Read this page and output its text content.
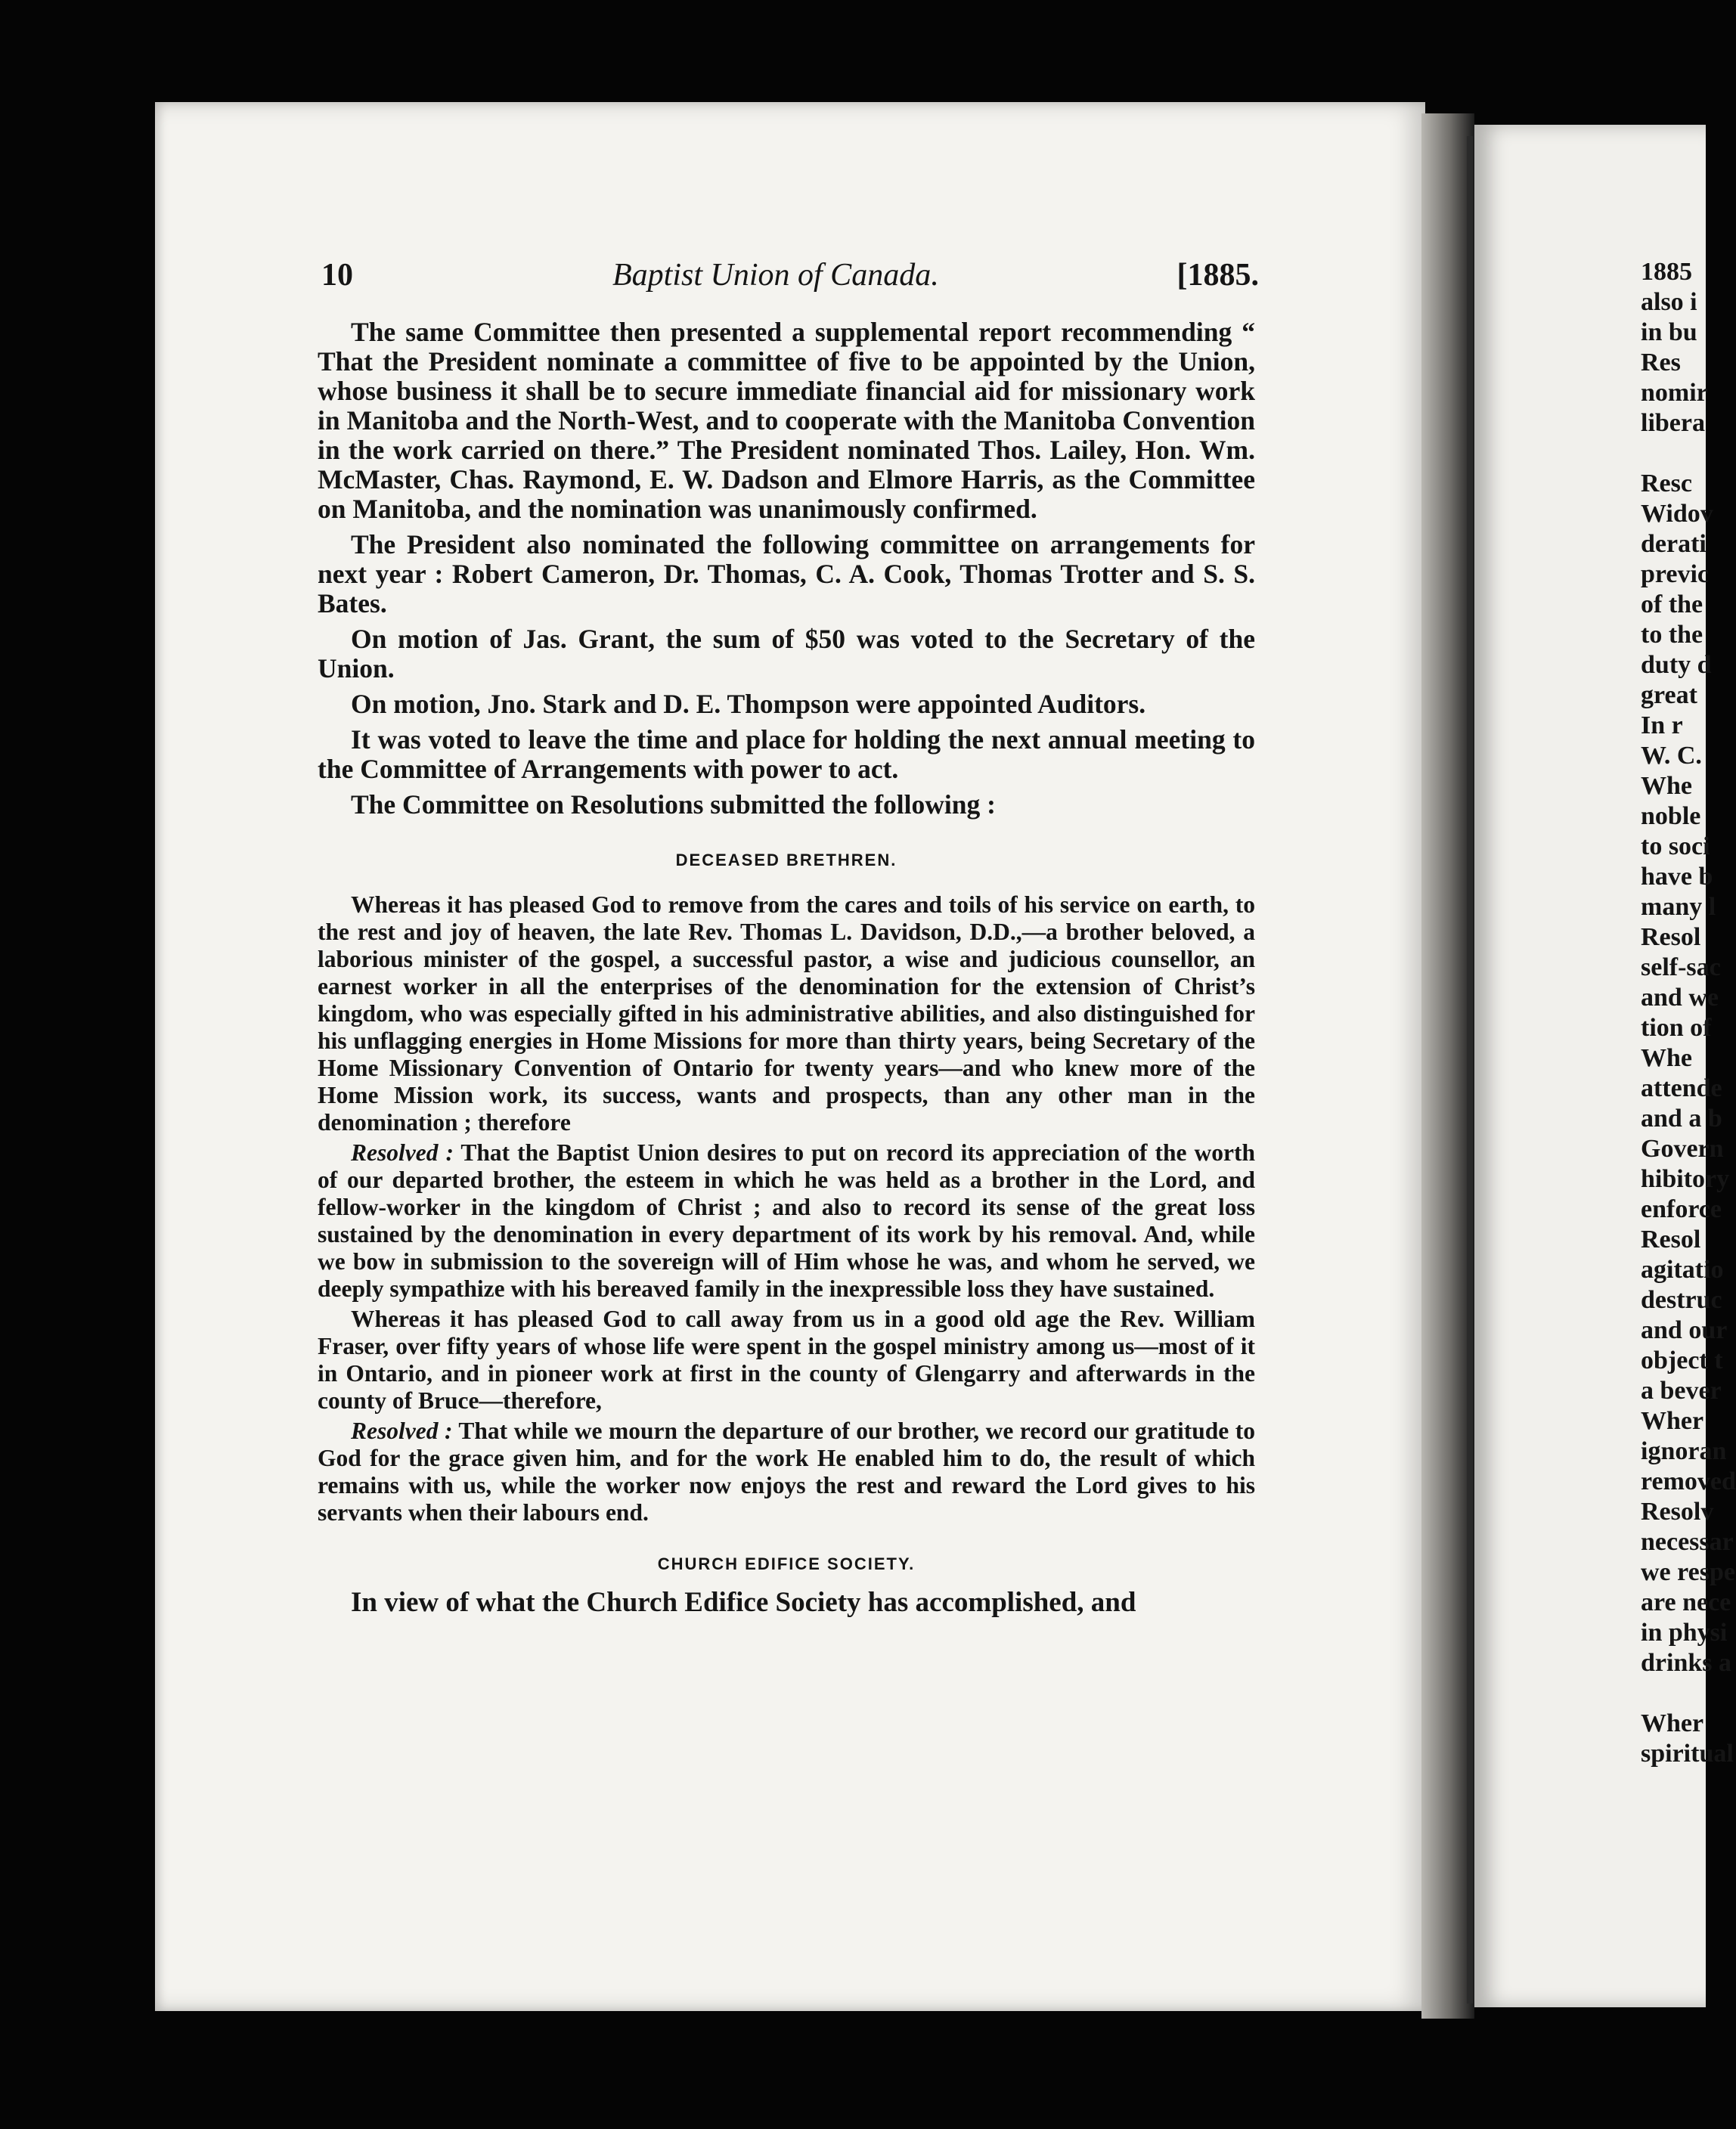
10	Baptist Union of Canada.	[1885.

The same Committee then presented a supplemental report recommending “ That the President nominate a committee of five to be appointed by the Union, whose business it shall be to secure immediate financial aid for missionary work in Manitoba and the North-West, and to cooperate with the Manitoba Convention in the work carried on there.” The President nominated Thos. Lailey, Hon. Wm. McMaster, Chas. Raymond, E. W. Dadson and Elmore Harris, as the Committee on Manitoba, and the nomination was unanimously confirmed.

The President also nominated the following committee on arrangements for next year : Robert Cameron, Dr. Thomas, C. A. Cook, Thomas Trotter and S. S. Bates.

On motion of Jas. Grant, the sum of $50 was voted to the Secretary of the Union.

On motion, Jno. Stark and D. E. Thompson were appointed Auditors.

It was voted to leave the time and place for holding the next annual meeting to the Committee of Arrangements with power to act.

The Committee on Resolutions submitted the following :

DECEASED BRETHREN.

Whereas it has pleased God to remove from the cares and toils of his service on earth, to the rest and joy of heaven, the late Rev. Thomas L. Davidson, D.D.,—a brother beloved, a laborious minister of the gospel, a successful pastor, a wise and judicious counsellor, an earnest worker in all the enterprises of the denomination for the extension of Christ’s kingdom, who was especially gifted in his administrative abilities, and also distinguished for his unflagging energies in Home Missions for more than thirty years, being Secretary of the Home Missionary Convention of Ontario for twenty years—and who knew more of the Home Mission work, its success, wants and prospects, than any other man in the denomination ; therefore

Resolved : That the Baptist Union desires to put on record its appreciation of the worth of our departed brother, the esteem in which he was held as a brother in the Lord, and fellow-worker in the kingdom of Christ ; and also to record its sense of the great loss sustained by the denomination in every department of its work by his removal. And, while we bow in submission to the sovereign will of Him whose he was, and whom he served, we deeply sympathize with his bereaved family in the inexpressible loss they have sustained.

Whereas it has pleased God to call away from us in a good old age the Rev. William Fraser, over fifty years of whose life were spent in the gospel ministry among us—most of it in Ontario, and in pioneer work at first in the county of Glengarry and afterwards in the county of Bruce—therefore,

Resolved : That while we mourn the departure of our brother, we record our gratitude to God for the grace given him, and for the work He enabled him to do, the result of which remains with us, while the worker now enjoys the rest and reward the Lord gives to his servants when their labours end.

CHURCH EDIFICE SOCIETY.

In view of what the Church Edifice Society has accomplished, and

1885
also i
in bu
Res
nomir
libera

Resc
Widov
derati
previc
of the
to the
duty d
great
In r
W. C.
Whe
noble
to soci
have b
many l
Resol
self-sac
and we
tion of
Whe
attende
and a b
Govern
hibitory
enforce
Resol
agitatio
destruc
and our
object t
a bever
Wher
ignoran
removed
Resolv
necessar
we respe
are nece
in physi
drinks a

Wher
spiritual
